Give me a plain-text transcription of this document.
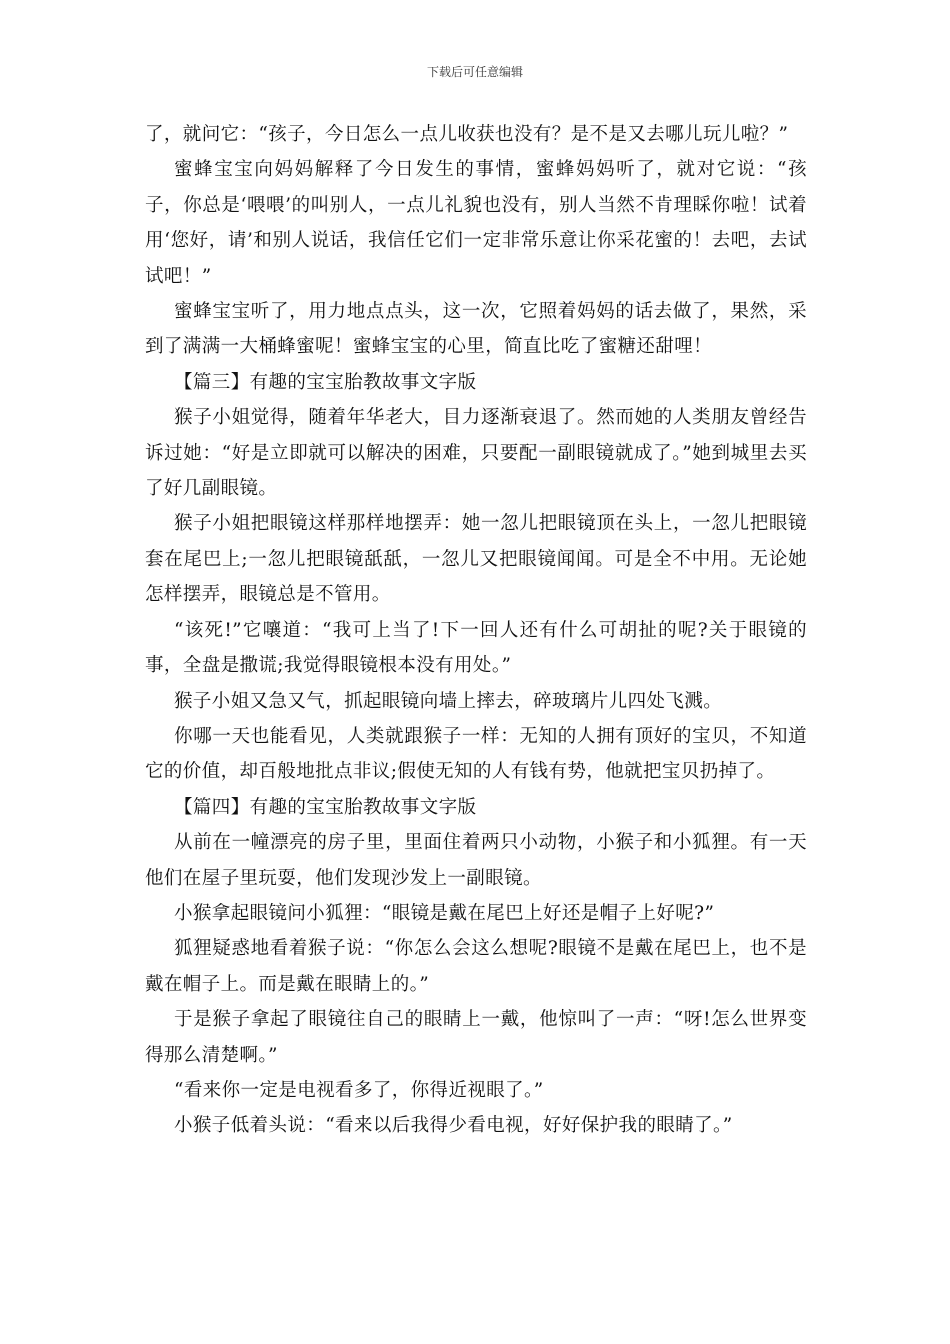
下载后可任意编辑

了，就问它：“孩子，今日怎么一点儿收获也没有？是不是又去哪儿玩儿啦？”

蜜蜂宝宝向妈妈解释了今日发生的事情，蜜蜂妈妈听了，就对它说：“孩子，你总是‘喂喂’的叫别人，一点儿礼貌也没有，别人当然不肯理睬你啦！试着用‘您好，请’和别人说话，我信任它们一定非常乐意让你采花蜜的！去吧，去试试吧！”

蜜蜂宝宝听了，用力地点点头，这一次，它照着妈妈的话去做了，果然，采到了满满一大桶蜂蜜呢！蜜蜂宝宝的心里，简直比吃了蜜糖还甜哩！

【篇三】有趣的宝宝胎教故事文字版

猴子小姐觉得，随着年华老大，目力逐渐衰退了。然而她的人类朋友曾经告诉过她：“好是立即就可以解决的困难，只要配一副眼镜就成了。”她到城里去买了好几副眼镜。

猴子小姐把眼镜这样那样地摆弄：她一忽儿把眼镜顶在头上，一忽儿把眼镜套在尾巴上;一忽儿把眼镜舐舐，一忽儿又把眼镜闻闻。可是全不中用。无论她怎样摆弄，眼镜总是不管用。

“该死!”它嚷道：“我可上当了!下一回人还有什么可胡扯的呢?关于眼镜的事，全盘是撒谎;我觉得眼镜根本没有用处。”

猴子小姐又急又气，抓起眼镜向墙上摔去，碎玻璃片儿四处飞溅。

你哪一天也能看见，人类就跟猴子一样：无知的人拥有顶好的宝贝，不知道它的价值，却百般地批点非议;假使无知的人有钱有势，他就把宝贝扔掉了。

【篇四】有趣的宝宝胎教故事文字版

从前在一幢漂亮的房子里，里面住着两只小动物，小猴子和小狐狸。有一天他们在屋子里玩耍，他们发现沙发上一副眼镜。

小猴拿起眼镜问小狐狸：“眼镜是戴在尾巴上好还是帽子上好呢?”

狐狸疑惑地看着猴子说：“你怎么会这么想呢?眼镜不是戴在尾巴上，也不是戴在帽子上。而是戴在眼睛上的。”

于是猴子拿起了眼镜往自己的眼睛上一戴，他惊叫了一声：“呀!怎么世界变得那么清楚啊。”

“看来你一定是电视看多了，你得近视眼了。”

小猴子低着头说：“看来以后我得少看电视，好好保护我的眼睛了。”
